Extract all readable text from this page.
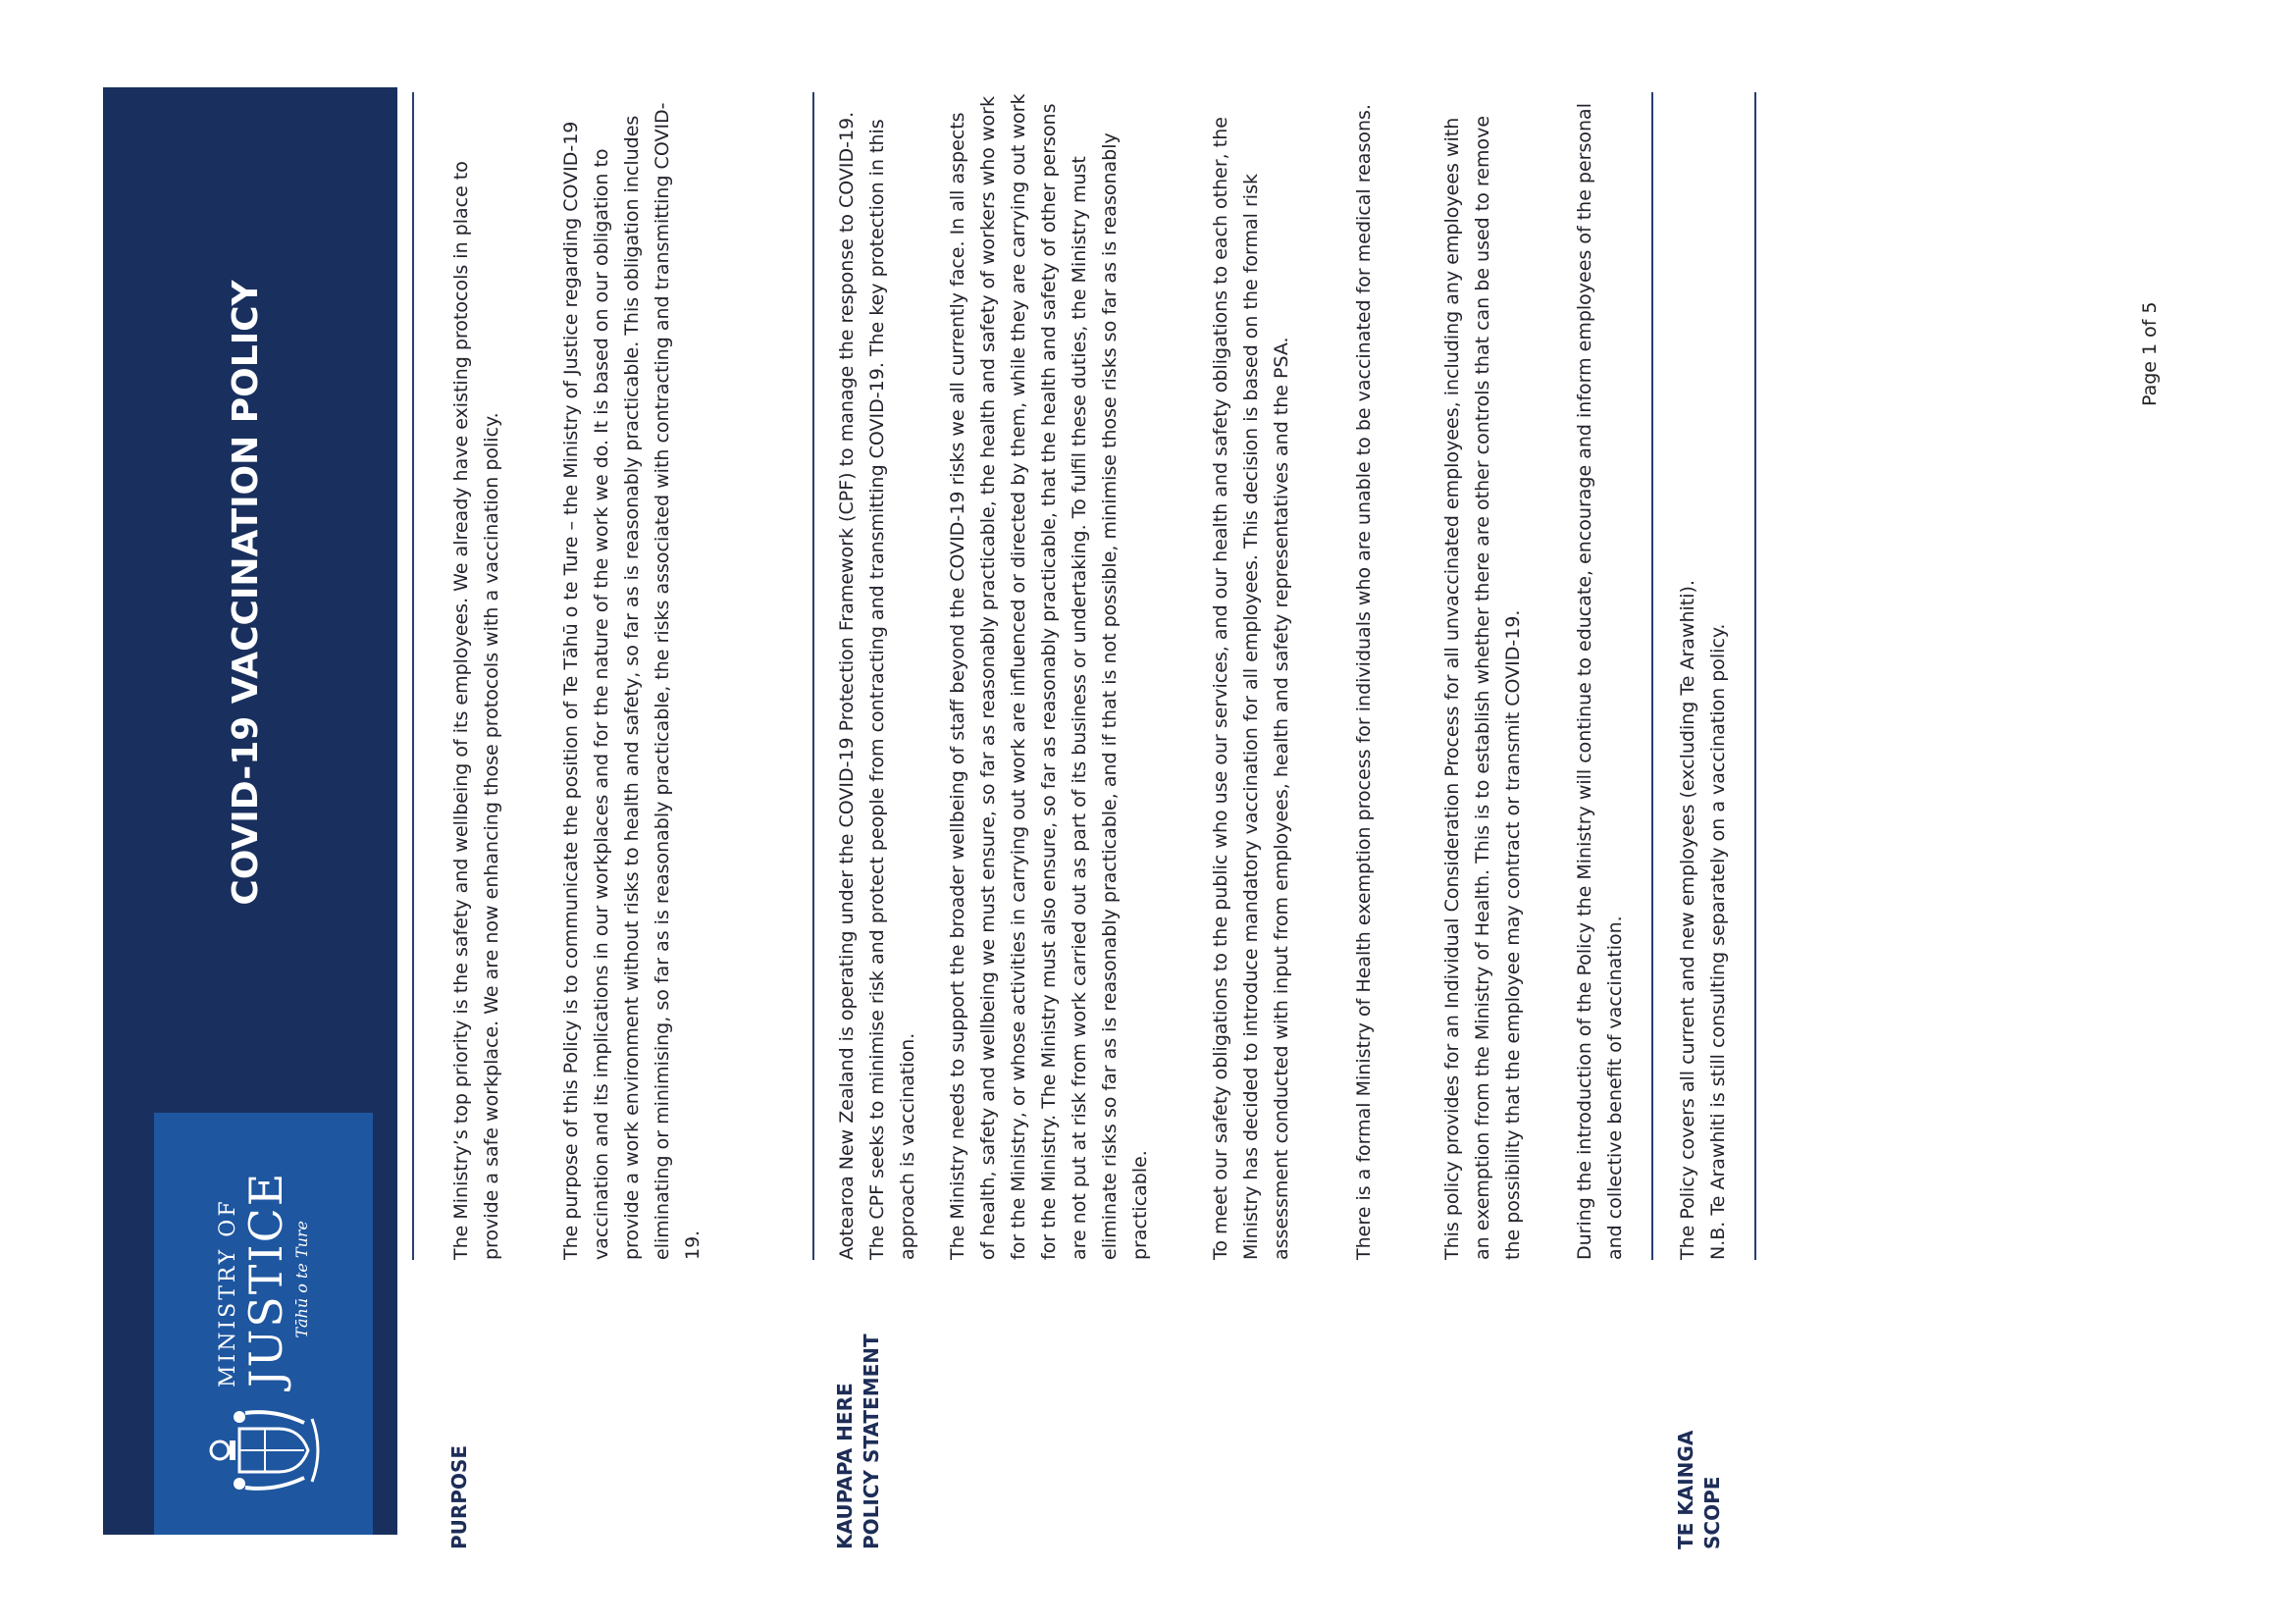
MINISTRY OF JUSTICE Tāhū o te Ture
COVID-19 VACCINATION POLICY
PURPOSE

The Ministry’s top priority is the safety and wellbeing of its employees. We already have existing protocols in place to provide a safe workplace. We are now enhancing those protocols with a vaccination policy.	The purpose of this Policy is to communicate the position of Te Tāhū o te Ture – the Ministry of Justice regarding COVID-19 vaccination and its implications in our workplaces and for the nature of the work we do. It is based on our obligation to provide a work environment without risks to health and safety, so far as is reasonably practicable. This obligation includes eliminating or minimising, so far as is reasonably practicable, the risks associated with contracting and transmitting COVID-19.

KAUPAPA HERE POLICY STATEMENT

Aotearoa New Zealand is operating under the COVID-19 Protection Framework (CPF) to manage the response to COVID-19. The CPF seeks to minimise risk and protect people from contracting and transmitting COVID-19. The key protection in this approach is vaccination. The Ministry needs to support the broader wellbeing of staff beyond the COVID-19 risks we all currently face. In all aspects of health, safety and wellbeing we must ensure, so far as reasonably practicable, the health and safety of workers who work for the Ministry, or whose activities in carrying out work are influenced or directed by them, while they are carrying out work for the Ministry. The Ministry must also ensure, so far as reasonably practicable, that the health and safety of other persons are not put at risk from work carried out as part of its business or undertaking. To fulfil these duties, the Ministry must eliminate risks so far as is reasonably practicable, and if that is not possible, minimise those risks so far as is reasonably practicable.	To meet our safety obligations to the public who use our services, and our health and safety obligations to each other, the Ministry has decided to introduce mandatory vaccination for all employees. This decision is based on the formal risk assessment conducted with input from employees, health and safety representatives and the PSA.	There is a formal Ministry of Health exemption process for individuals who are unable to be vaccinated for medical reasons.	This policy provides for an Individual Consideration Process for all unvaccinated employees, including any employees with an exemption from the Ministry of Health. This is to establish whether there are other controls that can be used to remove the possibility that the employee may contract or transmit COVID-19.	During the introduction of the Policy the Ministry will continue to educate, encourage and inform employees of the personal and collective benefit of vaccination.

TE KAINGA SCOPE

The Policy covers all current and new employees (excluding Te Arawhiti). N.B. Te Arawhiti is still consulting separately on a vaccination policy.

Page 1 of 5
